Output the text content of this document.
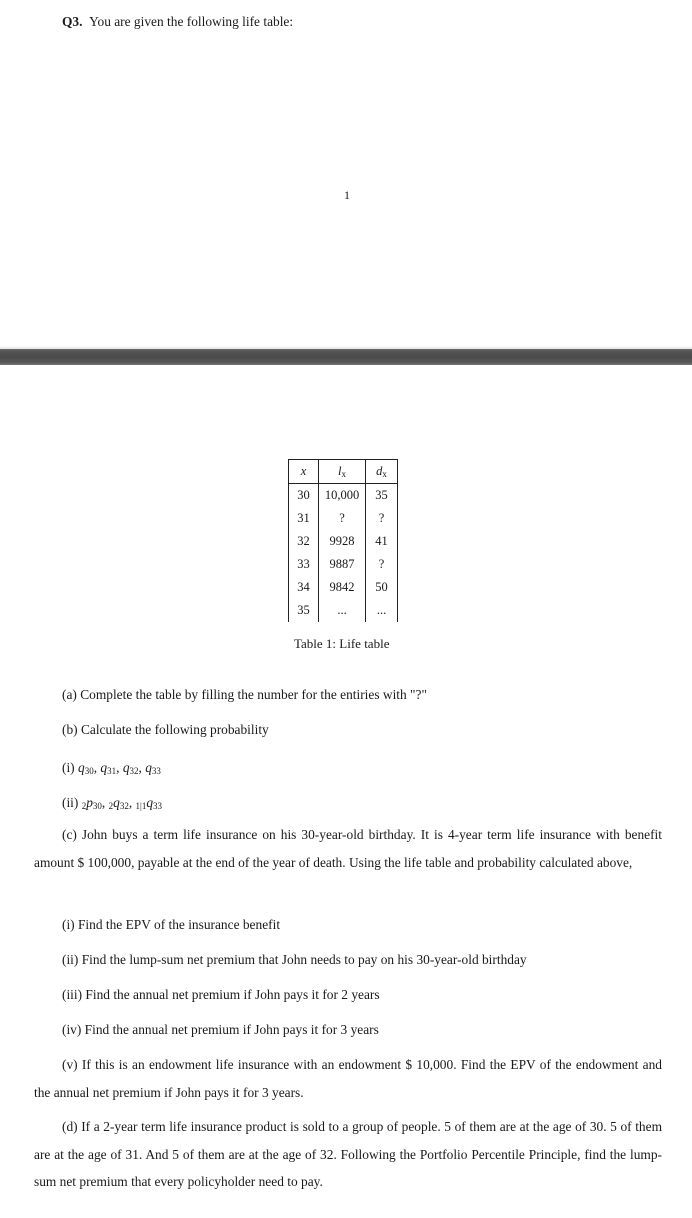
Q3. You are given the following life table:
1
x	$l_x$	$d_x$
30	10,000	35
31	?	?
32	9928	41
33	9887	?
34	9842	50
35	...	...
Table 1: Life table
(a) Complete the table by filling the number for the entiries with "?"
(b) Calculate the following probability
(i) $q_{30}$, $q_{31}$, $q_{32}$, $q_{33}$
(ii) $_2p_{30}$, $_2q_{32}$, $_{1|1}q_{33}$
(c) John buys a term life insurance on his 30-year-old birthday. It is 4-year term life insurance with benefit amount $ 100,000, payable at the end of the year of death. Using the life table and probability calculated above,
(i) Find the EPV of the insurance benefit
(ii) Find the lump-sum net premium that John needs to pay on his 30-year-old birthday
(iii) Find the annual net premium if John pays it for 2 years
(iv) Find the annual net premium if John pays it for 3 years
(v) If this is an endowment life insurance with an endowment $ 10,000. Find the EPV of the endowment and the annual net premium if John pays it for 3 years.
(d) If a 2-year term life insurance product is sold to a group of people. 5 of them are at the age of 30. 5 of them are at the age of 31. And 5 of them are at the age of 32. Following the Portfolio Percentile Principle, find the lump-sum net premium that every policyholder need to pay.
